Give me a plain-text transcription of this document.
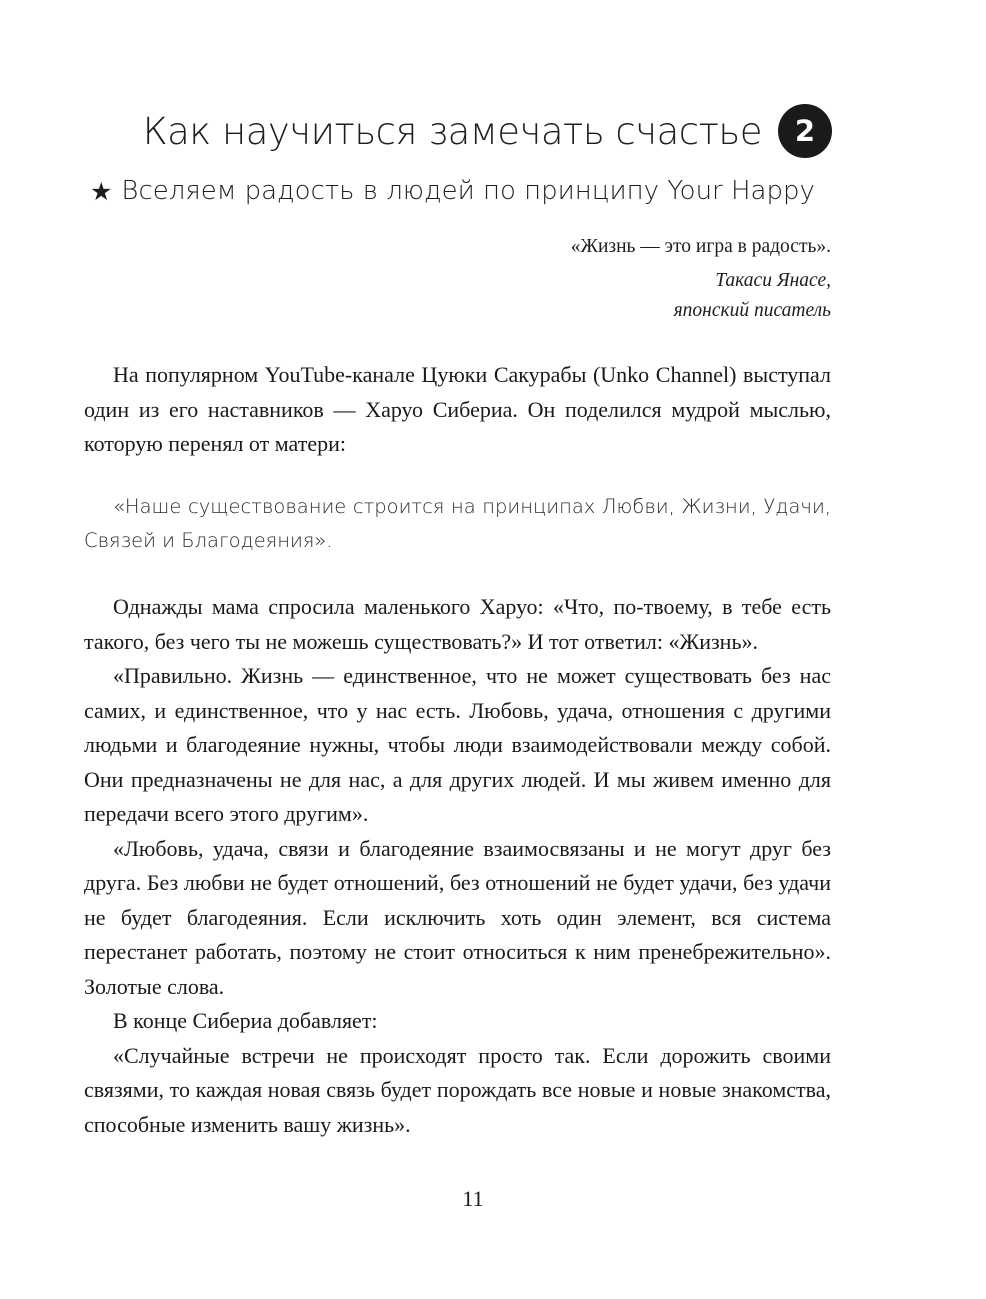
Как научиться замечать счастье	2
★ Вселяем радость в людей по принципу Your Happy
«Жизнь — это игра в радость».
Такаси Янасе,
японский писатель

На популярном YouTube-канале Цуюки Сакурабы (Unko Channel) выступал один из его наставников — Харуо Сибериа. Он поделился мудрой мыслью, которую перенял от матери:

«Наше существование строится на принципах Любви, Жизни, Удачи, Связей и Благодеяния».

Однажды мама спросила маленького Харуо: «Что, по-твоему, в тебе есть такого, без чего ты не можешь существовать?» И тот ответил: «Жизнь».

«Правильно. Жизнь — единственное, что не может существовать без нас самих, и единственное, что у нас есть. Любовь, удача, отношения с другими людьми и благодеяние нужны, чтобы люди взаимодействовали между собой. Они предназначены не для нас, а для других людей. И мы живем именно для передачи всего этого другим».

«Любовь, удача, связи и благодеяние взаимосвязаны и не могут друг без друга. Без любви не будет отношений, без отношений не будет удачи, без удачи не будет благодеяния. Если исключить хоть один элемент, вся система перестанет работать, поэтому не стоит относиться к ним пренебрежительно». Золотые слова.

В конце Сибериа добавляет:

«Случайные встречи не происходят просто так. Если дорожить своими связями, то каждая новая связь будет порождать все новые и новые знакомства, способные изменить вашу жизнь».

11
